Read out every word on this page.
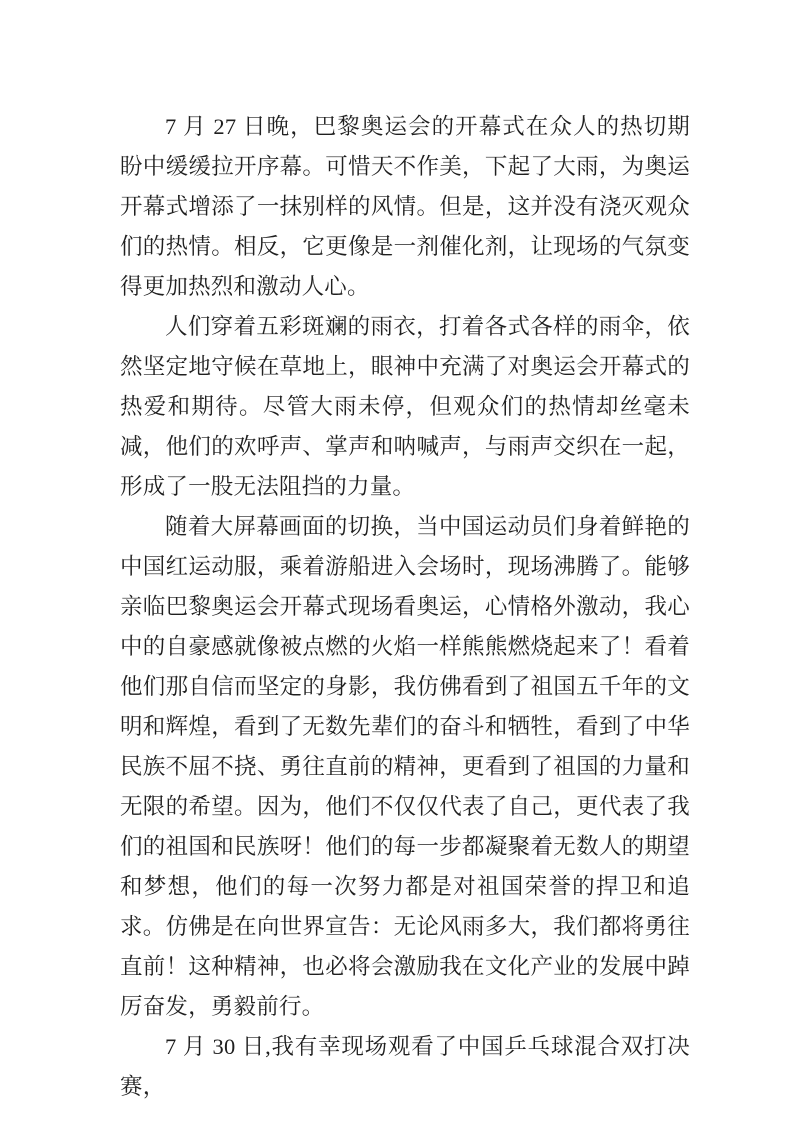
7 月 27 日晚，巴黎奥运会的开幕式在众人的热切期盼中缓缓拉开序幕。可惜天不作美，下起了大雨，为奥运开幕式增添了一抹别样的风情。但是，这并没有浇灭观众们的热情。相反，它更像是一剂催化剂，让现场的气氛变得更加热烈和激动人心。

人们穿着五彩斑斓的雨衣，打着各式各样的雨伞，依然坚定地守候在草地上，眼神中充满了对奥运会开幕式的热爱和期待。尽管大雨未停，但观众们的热情却丝毫未减，他们的欢呼声、掌声和呐喊声，与雨声交织在一起，形成了一股无法阻挡的力量。

随着大屏幕画面的切换，当中国运动员们身着鲜艳的中国红运动服，乘着游船进入会场时，现场沸腾了。能够亲临巴黎奥运会开幕式现场看奥运，心情格外激动，我心中的自豪感就像被点燃的火焰一样熊熊燃烧起来了！看着他们那自信而坚定的身影，我仿佛看到了祖国五千年的文明和辉煌，看到了无数先辈们的奋斗和牺牲，看到了中华民族不屈不挠、勇往直前的精神，更看到了祖国的力量和无限的希望。因为，他们不仅仅代表了自己，更代表了我们的祖国和民族呀！他们的每一步都凝聚着无数人的期望和梦想，他们的每一次努力都是对祖国荣誉的捍卫和追求。仿佛是在向世界宣告：无论风雨多大，我们都将勇往直前！这种精神，也必将会激励我在文化产业的发展中踔厉奋发，勇毅前行。

7 月 30 日,我有幸现场观看了中国乒乓球混合双打决赛，
